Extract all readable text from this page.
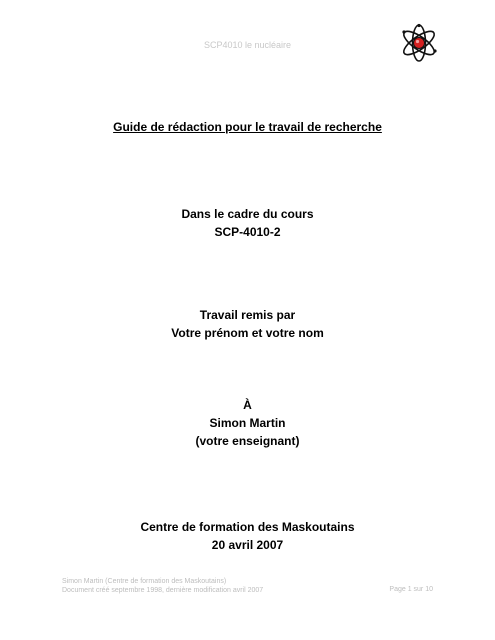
SCP4010 le nucléaire
Guide de rédaction pour le travail de recherche
Dans le cadre du cours
SCP-4010-2
Travail remis par
Votre prénom et votre nom
À
Simon Martin
(votre enseignant)
Centre de formation des Maskoutains
20 avril 2007
Simon Martin (Centre de formation des Maskoutains)
Document créé septembre 1998, dernière modification avril 2007	Page 1 sur 10
